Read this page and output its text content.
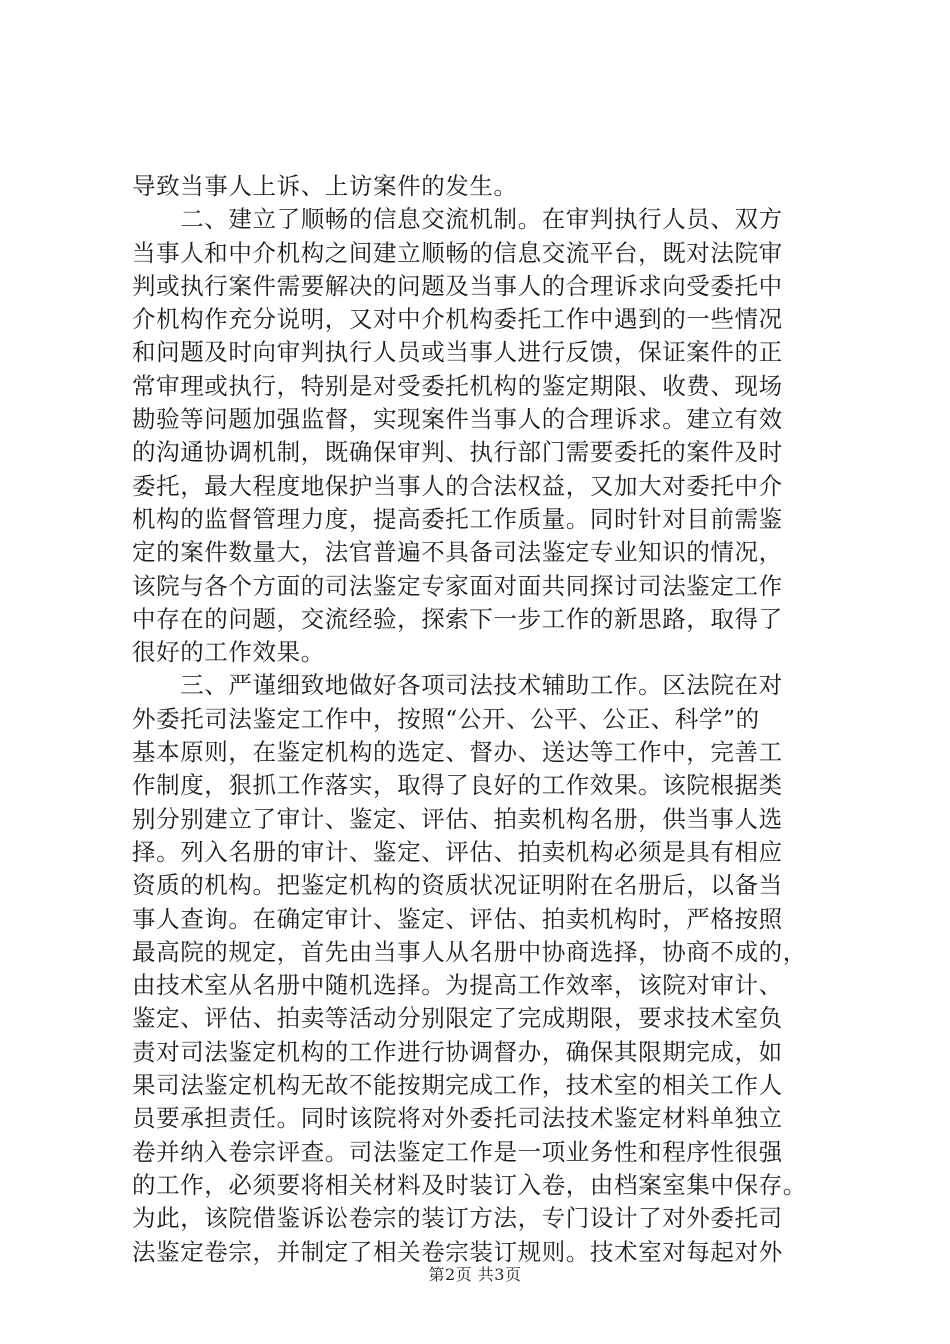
导致当事人上诉、上访案件的发生。
　　二、建立了顺畅的信息交流机制。在审判执行人员、双方
当事人和中介机构之间建立顺畅的信息交流平台，既对法院审
判或执行案件需要解决的问题及当事人的合理诉求向受委托中
介机构作充分说明，又对中介机构委托工作中遇到的一些情况
和问题及时向审判执行人员或当事人进行反馈，保证案件的正
常审理或执行，特别是对受委托机构的鉴定期限、收费、现场
勘验等问题加强监督，实现案件当事人的合理诉求。建立有效
的沟通协调机制，既确保审判、执行部门需要委托的案件及时
委托，最大程度地保护当事人的合法权益，又加大对委托中介
机构的监督管理力度，提高委托工作质量。同时针对目前需鉴
定的案件数量大，法官普遍不具备司法鉴定专业知识的情况，
该院与各个方面的司法鉴定专家面对面共同探讨司法鉴定工作
中存在的问题，交流经验，探索下一步工作的新思路，取得了
很好的工作效果。
　　三、严谨细致地做好各项司法技术辅助工作。区法院在对
外委托司法鉴定工作中，按照“公开、公平、公正、科学”的
基本原则，在鉴定机构的选定、督办、送达等工作中，完善工
作制度，狠抓工作落实，取得了良好的工作效果。该院根据类
别分别建立了审计、鉴定、评估、拍卖机构名册，供当事人选
择。列入名册的审计、鉴定、评估、拍卖机构必须是具有相应
资质的机构。把鉴定机构的资质状况证明附在名册后，以备当
事人查询。在确定审计、鉴定、评估、拍卖机构时，严格按照
最高院的规定，首先由当事人从名册中协商选择，协商不成的，
由技术室从名册中随机选择。为提高工作效率，该院对审计、
鉴定、评估、拍卖等活动分别限定了完成期限，要求技术室负
责对司法鉴定机构的工作进行协调督办，确保其限期完成，如
果司法鉴定机构无故不能按期完成工作，技术室的相关工作人
员要承担责任。同时该院将对外委托司法技术鉴定材料单独立
卷并纳入卷宗评查。司法鉴定工作是一项业务性和程序性很强
的工作，必须要将相关材料及时装订入卷，由档案室集中保存。
为此，该院借鉴诉讼卷宗的装订方法，专门设计了对外委托司
法鉴定卷宗，并制定了相关卷宗装订规则。技术室对每起对外
第2页 共3页
